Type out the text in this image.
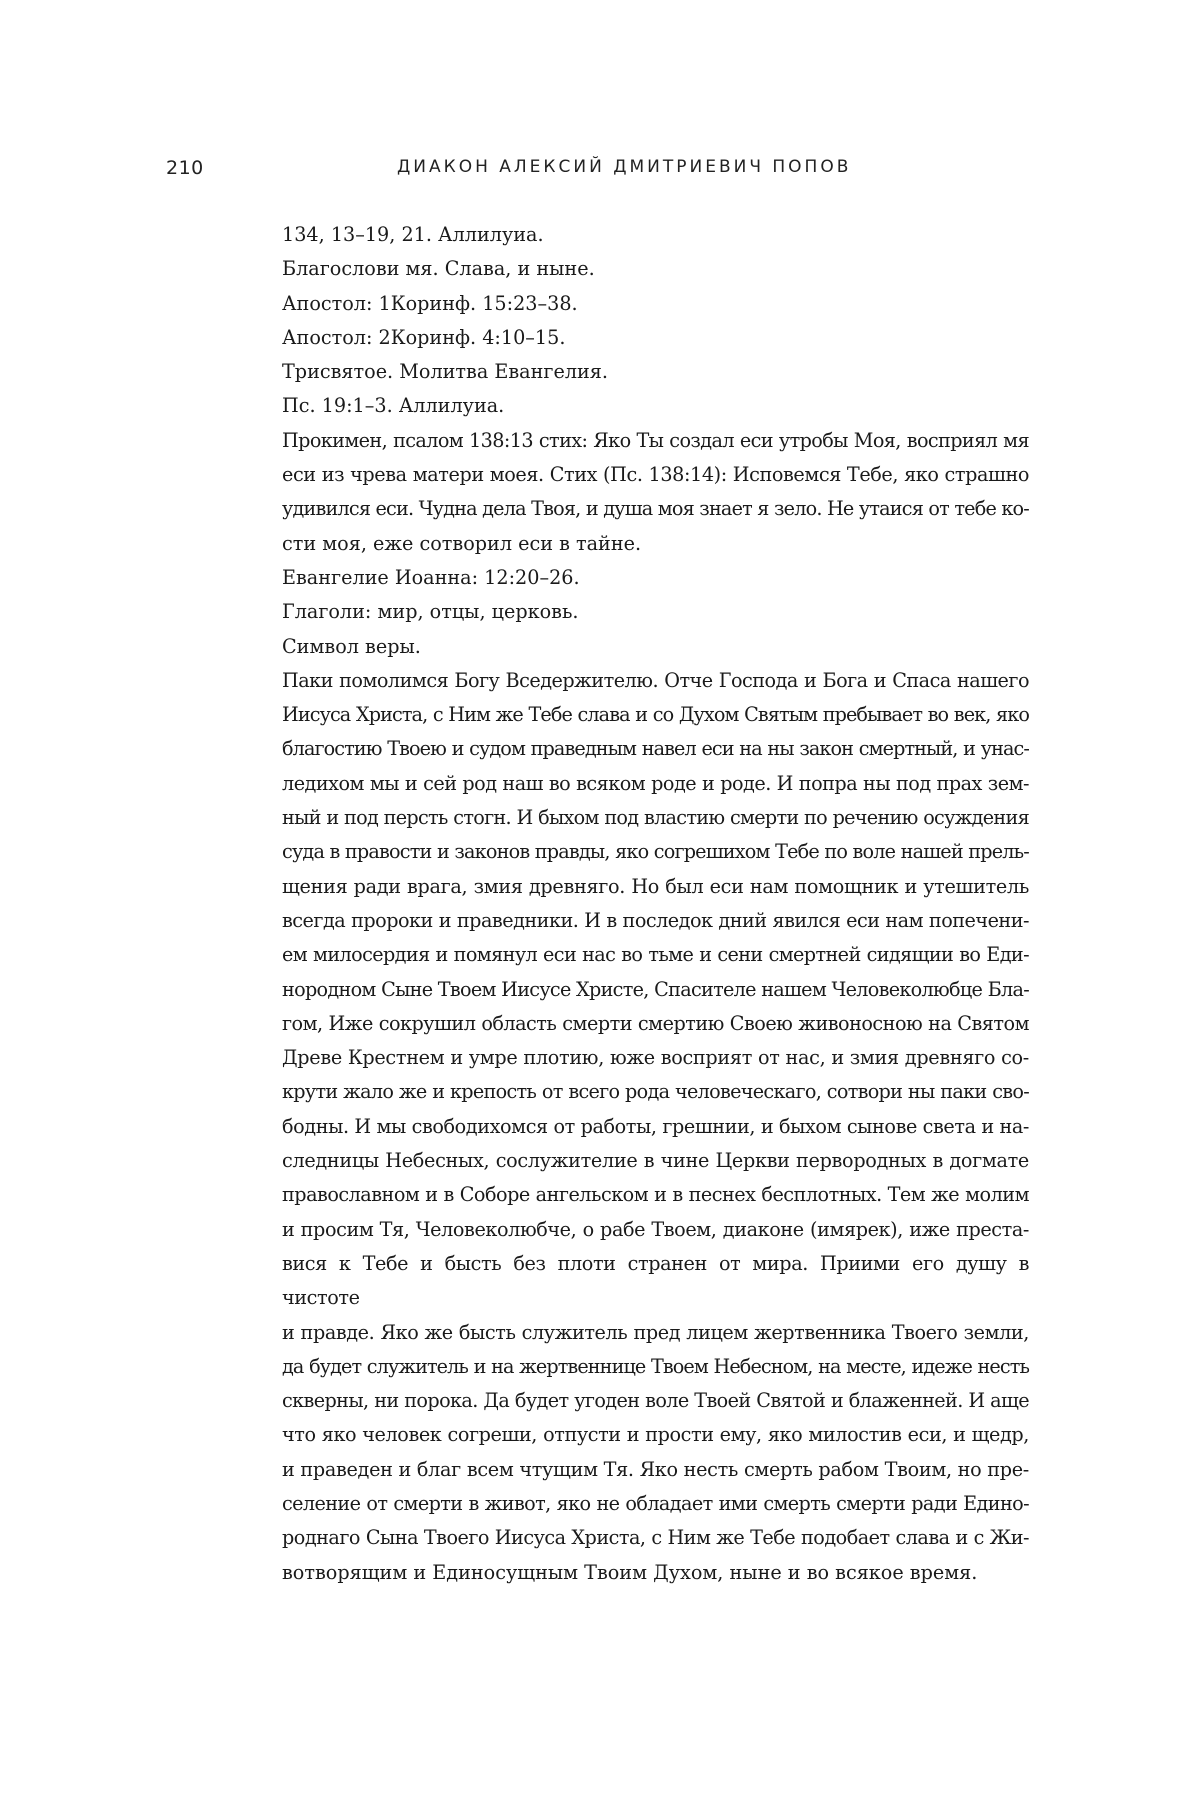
210	ДИАКОН АЛЕКСИЙ ДМИТРИЕВИЧ ПОПОВ

134, 13–19, 21. Аллилуиа.
Благослови мя. Слава, и ныне.
Апостол: 1Коринф. 15:23–38.
Апостол: 2Коринф. 4:10–15.
Трисвятое. Молитва Евангелия.
Пс. 19:1–3. Аллилуиа.

Прокимен, псалом 138:13 стих: Яко Ты создал еси утробы Моя, восприял мя
еси из чрева матери моея. Стих (Пс. 138:14): Исповемся Тебе, яко страшно
удивился еси. Чудна дела Твоя, и душа моя знает я зело. Не утаися от тебе ко-
сти моя, еже сотворил еси в тайне.

Евангелие Иоанна: 12:20–26.
Глаголи: мир, отцы, церковь.
Символ веры.

Паки помолимся Богу Вседержителю. Отче Господа и Бога и Спаса нашего
Иисуса Христа, с Ним же Тебе слава и со Духом Святым пребывает во век, яко
благостию Твоею и судом праведным навел еси на ны закон смертный, и унас-
ледихом мы и сей род наш во всяком роде и роде. И попра ны под прах зем-
ный и под персть стогн. И быхом под властию смерти по речению осуждения
суда в правости и законов правды, яко согрешихом Тебе по воле нашей прель-
щения ради врага, змия древняго. Но был еси нам помощник и утешитель
всегда пророки и праведники. И в последок дний явился еси нам попечени-
ем милосердия и помянул еси нас во тьме и сени смертней сидящии во Еди-
нородном Сыне Твоем Иисусе Христе, Спасителе нашем Человеколюбце Бла-
гом, Иже сокрушил область смерти смертию Своею живоносною на Святом
Древе Крестнем и умре плотию, юже восприят от нас, и змия древняго со-
крути жало же и крепость от всего рода человеческаго, сотвори ны паки сво-
бодны. И мы свободихомся от работы, грешнии, и быхом сынове света и на-
следницы Небесных, сослужителие в чине Церкви первородных в догмате
православном и в Соборе ангельском и в песнех бесплотных. Тем же молим
и просим Тя, Человеколюбче, о рабе Твоем, диаконе (имярек), иже преста-
вися к Тебе и бысть без плоти странен от мира. Приими его душу в чистоте
и правде. Яко же бысть служитель пред лицем жертвенника Твоего земли,
да будет служитель и на жертвеннице Твоем Небесном, на месте, идеже несть
скверны, ни порока. Да будет угоден воле Твоей Святой и блаженней. И аще
что яко человек согреши, отпусти и прости ему, яко милостив еси, и щедр,
и праведен и благ всем чтущим Тя. Яко несть смерть рабом Твоим, но пре-
селение от смерти в живот, яко не обладает ими смерть смерти ради Едино-
роднаго Сына Твоего Иисуса Христа, с Ним же Тебе подобает слава и с Жи-
вотворящим и Единосущным Твоим Духом, ныне и во всякое время.
